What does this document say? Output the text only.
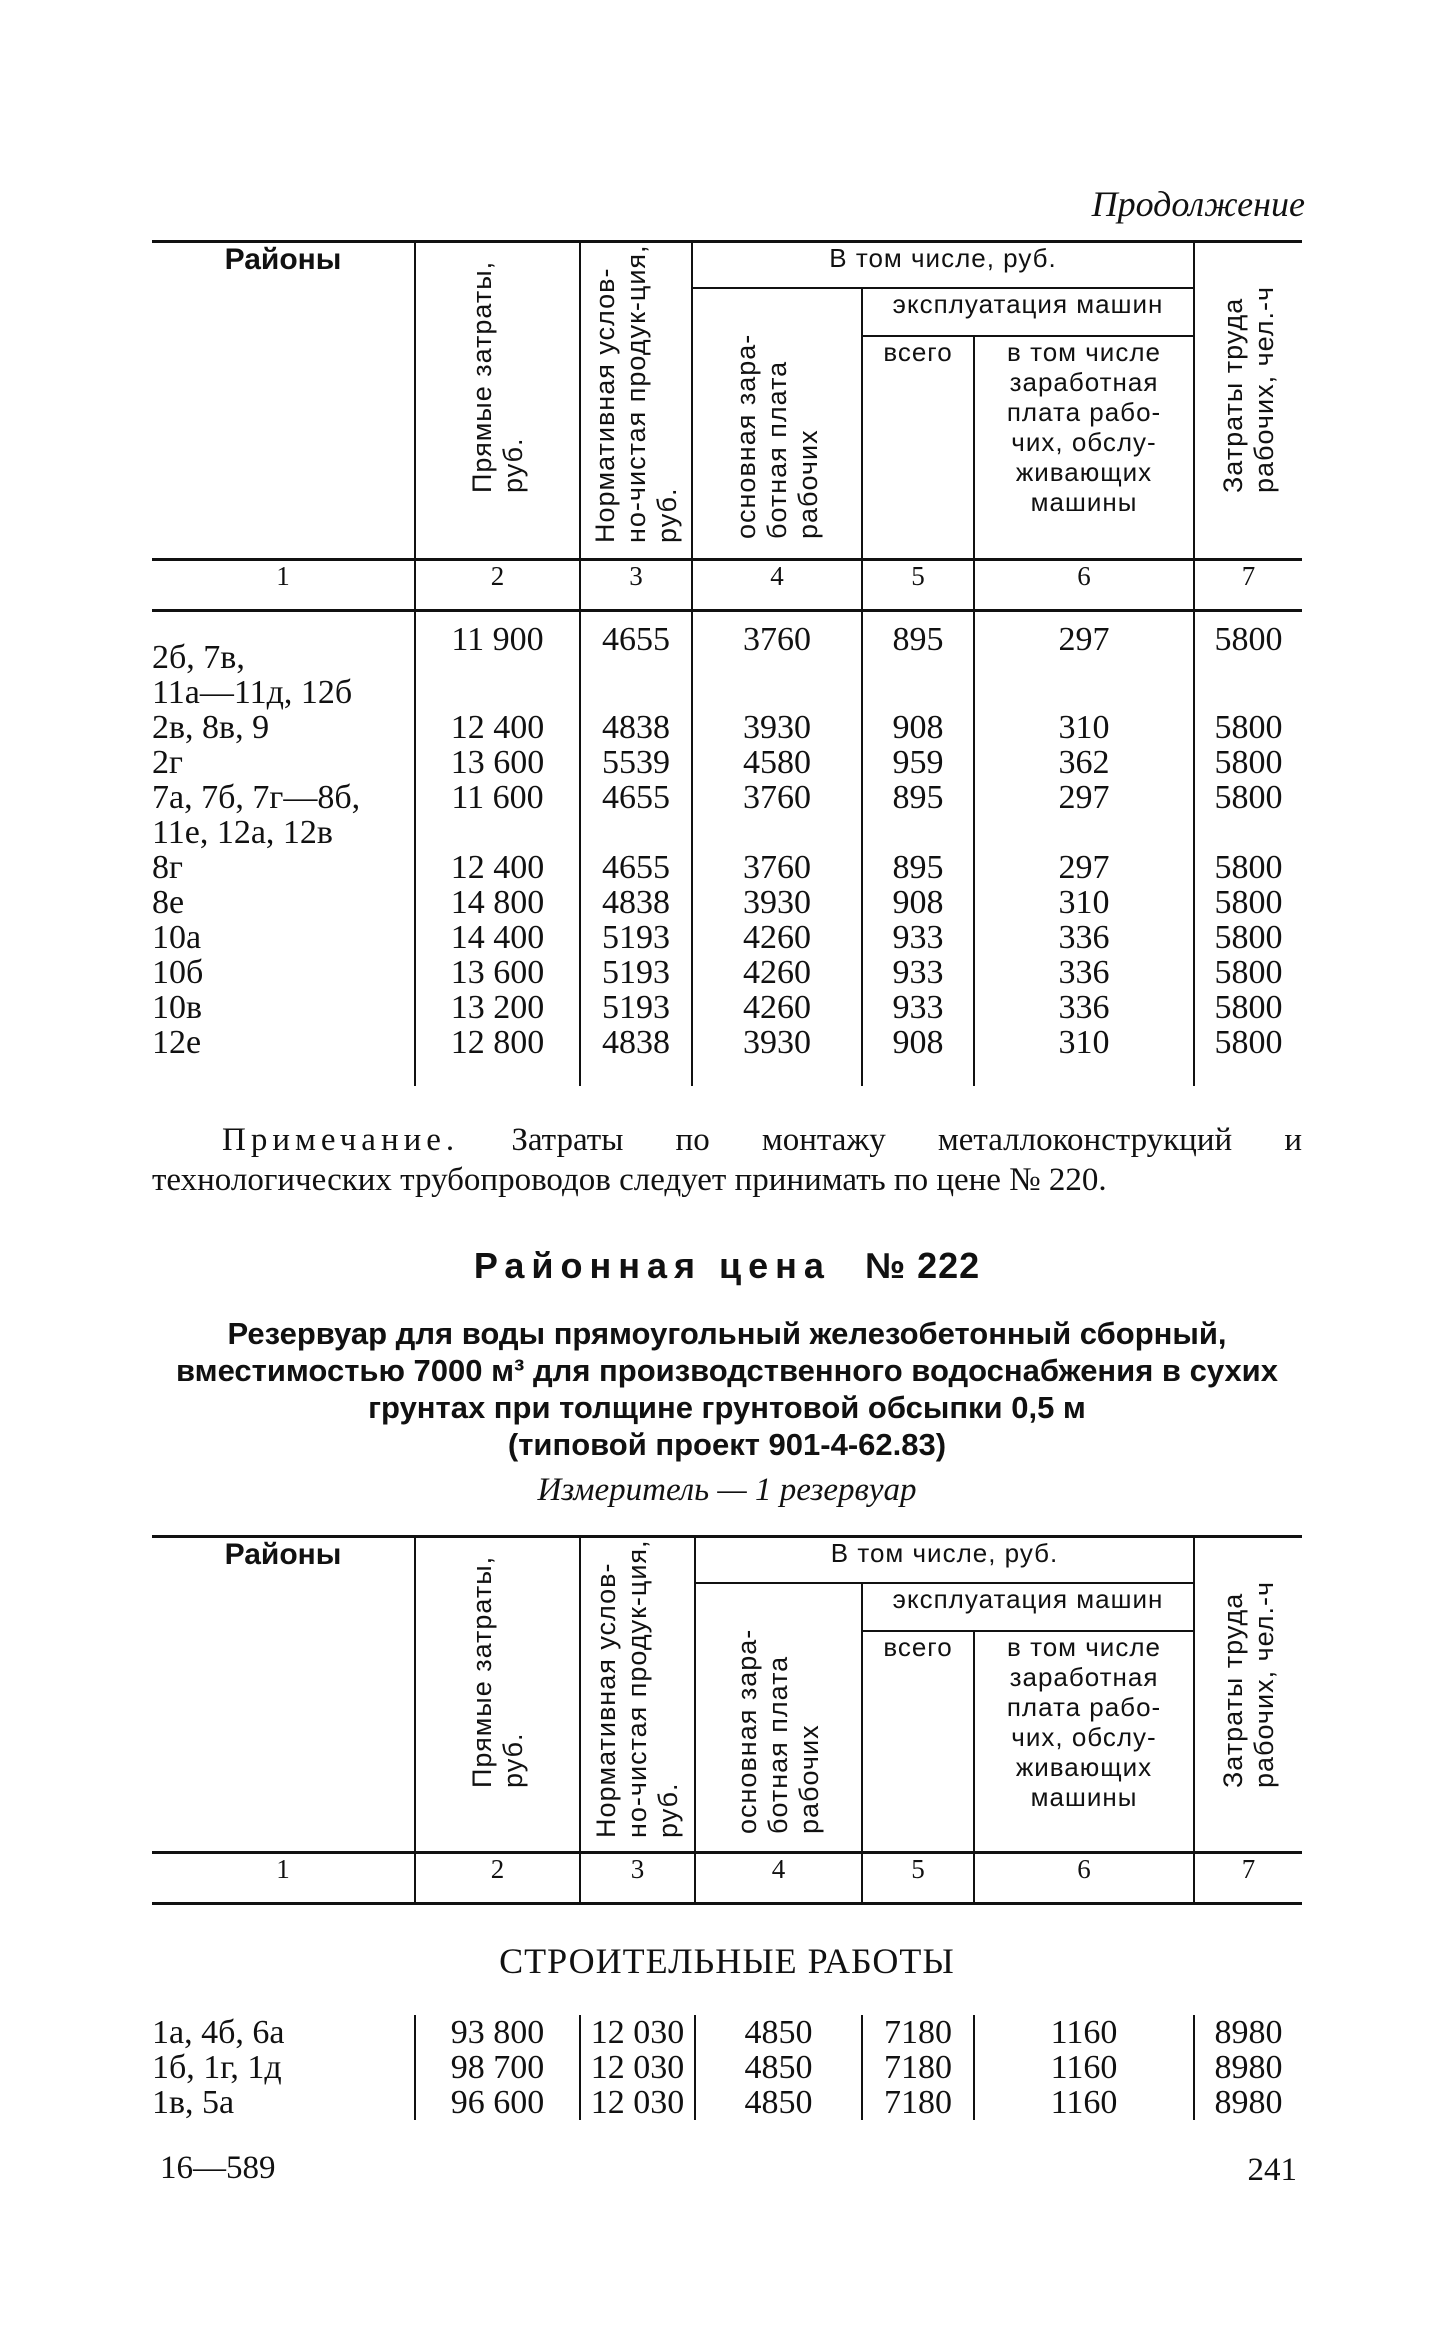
Продолжение
Районы	Прямые затраты, руб.	Нормативная услов-но-чистая продук-ция, руб.	В том числе, руб.			Затраты труда рабочих, чел.-ч

			основная зара-ботная плата рабочих	эксплуатация машин		
				всего	в том числе заработная плата рабо-чих, обслу-живающих машины	
1	2	3	4	5	6	7

2б, 7в,
11а—11д, 12б	11 900	4655	3760	895	297	5800
2в, 8в, 9	12 400	4838	3930	908	310	5800
2г	13 600	5539	4580	959	362	5800
7а, 7б, 7г—8б,
11е, 12а, 12в	11 600	4655	3760	895	297	5800
8г	12 400	4655	3760	895	297	5800
8е	14 800	4838	3930	908	310	5800
10а	14 400	5193	4260	933	336	5800
10б	13 600	5193	4260	933	336	5800
10в	13 200	5193	4260	933	336	5800
12е	12 800	4838	3930	908	310	5800

Примечание. Затраты по монтажу металлоконструкций и технологических трубопроводов следует принимать по цене № 220.
Районная цена № 222
Резервуар для воды прямоугольный железобетонный сборный,
вместимостью 7000 м³ для производственного водоснабжения в сухих
грунтах при толщине грунтовой обсыпки 0,5 м
(типовой проект 901-4-62.83)
Измеритель — 1 резервуар
Районы	Прямые затраты, руб.	Нормативная услов-но-чистая продук-ция, руб.	В том числе, руб.			Затраты труда рабочих, чел.-ч

			основная зара-ботная плата рабочих	эксплуатация машин		
				всего	в том числе заработная плата рабо-чих, обслу-живающих машины	
1	2	3	4	5	6	7
СТРОИТЕЛЬНЫЕ РАБОТЫ
1а, 4б, 6а	93 800	12 030	4850	7180	1160	8980
1б, 1г, 1д	98 700	12 030	4850	7180	1160	8980
1в, 5а	96 600	12 030	4850	7180	1160	8980
16—589	241
